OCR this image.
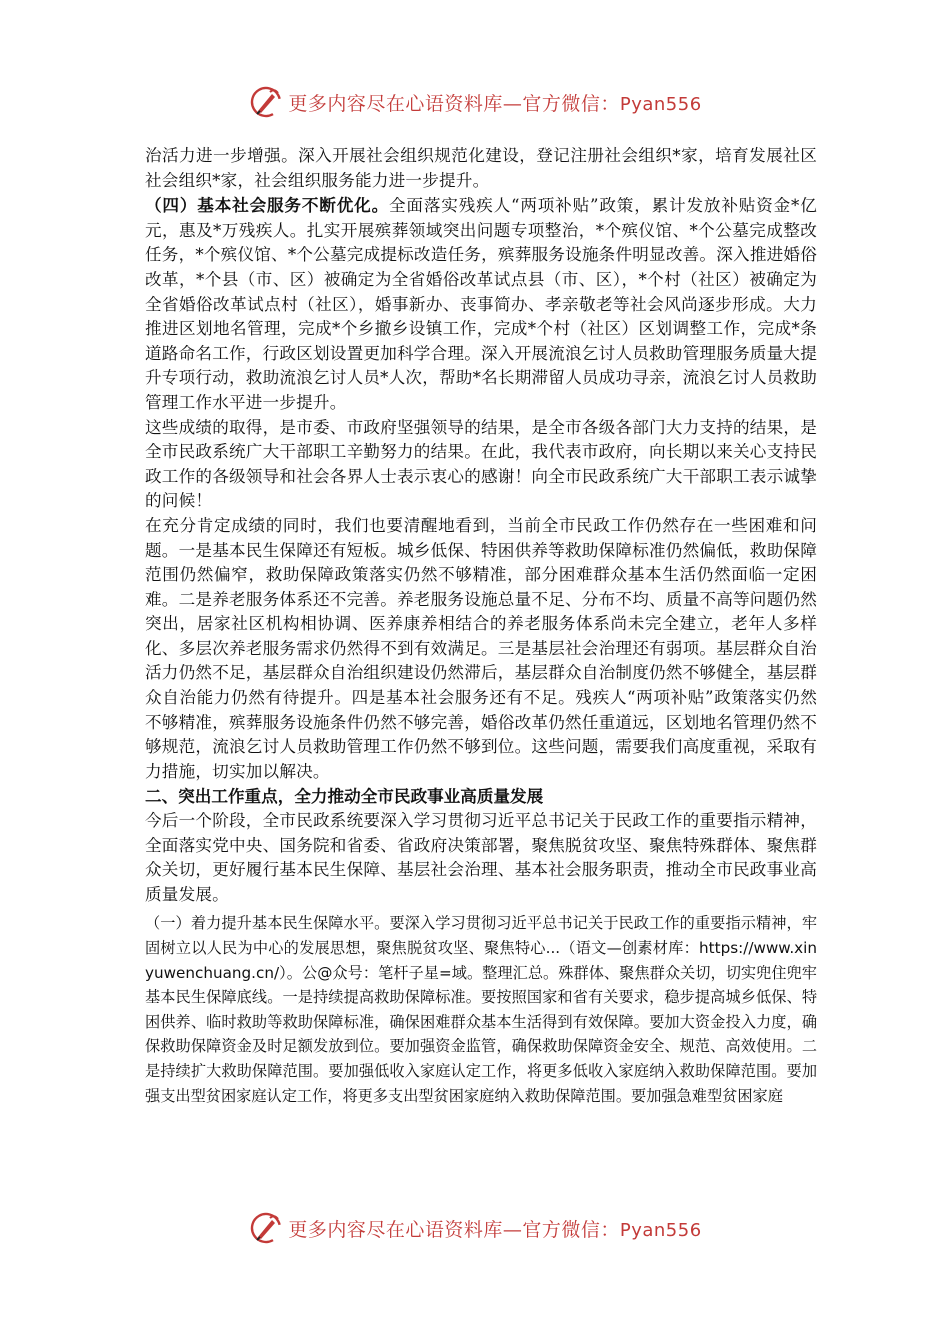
更多内容尽在心语资料库—官方微信：Pyan556

治活力进一步增强。深入开展社会组织规范化建设，登记注册社会组织*家，培育发展社区社会组织*家，社会组织服务能力进一步提升。

（四）基本社会服务不断优化。全面落实残疾人“两项补贴”政策，累计发放补贴资金*亿元，惠及*万残疾人。扎实开展殡葬领域突出问题专项整治，*个殡仪馆、*个公墓完成整改任务，*个殡仪馆、*个公墓完成提标改造任务，殡葬服务设施条件明显改善。深入推进婚俗改革，*个县（市、区）被确定为全省婚俗改革试点县（市、区），*个村（社区）被确定为全省婚俗改革试点村（社区），婚事新办、丧事简办、孝亲敬老等社会风尚逐步形成。大力推进区划地名管理，完成*个乡撤乡设镇工作，完成*个村（社区）区划调整工作，完成*条道路命名工作，行政区划设置更加科学合理。深入开展流浪乞讨人员救助管理服务质量大提升专项行动，救助流浪乞讨人员*人次，帮助*名长期滞留人员成功寻亲，流浪乞讨人员救助管理工作水平进一步提升。

这些成绩的取得，是市委、市政府坚强领导的结果，是全市各级各部门大力支持的结果，是全市民政系统广大干部职工辛勤努力的结果。在此，我代表市政府，向长期以来关心支持民政工作的各级领导和社会各界人士表示衷心的感谢！向全市民政系统广大干部职工表示诚挚的问候！

在充分肯定成绩的同时，我们也要清醒地看到，当前全市民政工作仍然存在一些困难和问题。一是基本民生保障还有短板。城乡低保、特困供养等救助保障标准仍然偏低，救助保障范围仍然偏窄，救助保障政策落实仍然不够精准，部分困难群众基本生活仍然面临一定困难。二是养老服务体系还不完善。养老服务设施总量不足、分布不均、质量不高等问题仍然突出，居家社区机构相协调、医养康养相结合的养老服务体系尚未完全建立，老年人多样化、多层次养老服务需求仍然得不到有效满足。三是基层社会治理还有弱项。基层群众自治活力仍然不足，基层群众自治组织建设仍然滞后，基层群众自治制度仍然不够健全，基层群众自治能力仍然有待提升。四是基本社会服务还有不足。残疾人“两项补贴”政策落实仍然不够精准，殡葬服务设施条件仍然不够完善，婚俗改革仍然任重道远，区划地名管理仍然不够规范，流浪乞讨人员救助管理工作仍然不够到位。这些问题，需要我们高度重视，采取有力措施，切实加以解决。

二、突出工作重点，全力推动全市民政事业高质量发展

今后一个阶段，全市民政系统要深入学习贯彻习近平总书记关于民政工作的重要指示精神，全面落实党中央、国务院和省委、省政府决策部署，聚焦脱贫攻坚、聚焦特殊群体、聚焦群众关切，更好履行基本民生保障、基层社会治理、基本社会服务职责，推动全市民政事业高质量发展。

（一）着力提升基本民生保障水平。要深入学习贯彻习近平总书记关于民政工作的重要指示精神，牢固树立以人民为中心的发展思想，聚焦脱贫攻坚、聚焦特心...（语文—创素材库：https://www.xinyuwenchuang.cn/）。公@众号：笔杆子星=域。整理汇总。殊群体、聚焦群众关切，切实兜住兜牢基本民生保障底线。一是持续提高救助保障标准。要按照国家和省有关要求，稳步提高城乡低保、特困供养、临时救助等救助保障标准，确保困难群众基本生活得到有效保障。要加大资金投入力度，确保救助保障资金及时足额发放到位。要加强资金监管，确保救助保障资金安全、规范、高效使用。二是持续扩大救助保障范围。要加强低收入家庭认定工作，将更多低收入家庭纳入救助保障范围。要加强支出型贫困家庭认定工作，将更多支出型贫困家庭纳入救助保障范围。要加强急难型贫困家庭

更多内容尽在心语资料库—官方微信：Pyan556
